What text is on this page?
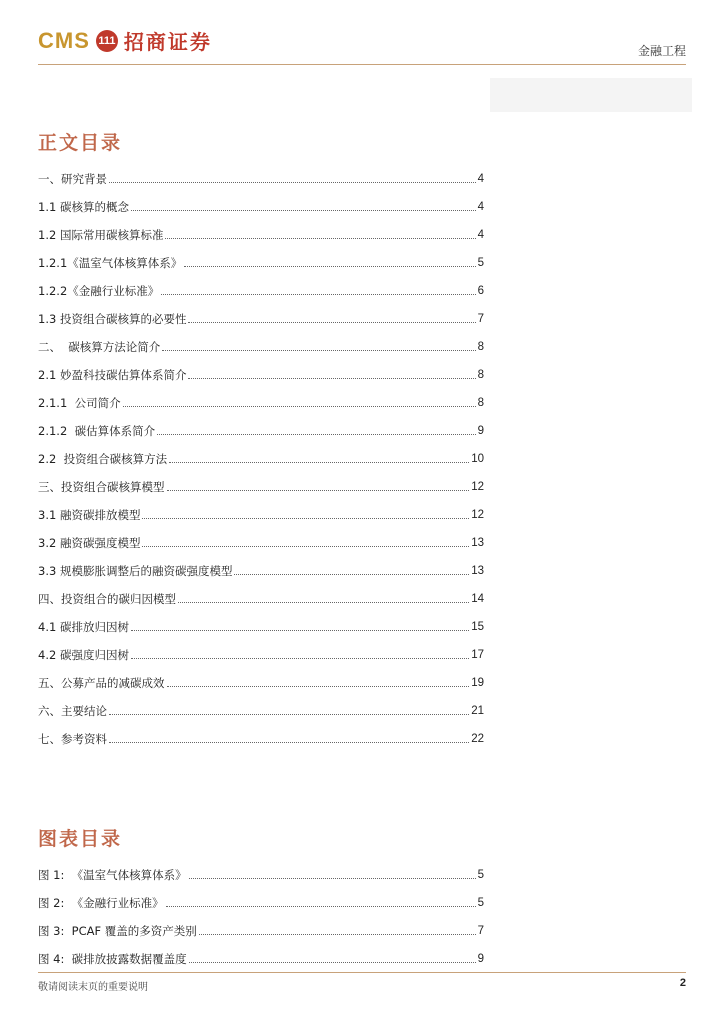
CMS 111 招商证券	金融工程
正文目录
一、研究背景	4
1.1 碳核算的概念	4
1.2 国际常用碳核算标准	4
1.2.1《温室气体核算体系》	5
1.2.2《金融行业标准》	6
1.3 投资组合碳核算的必要性	7
二、  碳核算方法论简介	8
2.1 妙盈科技碳估算体系简介	8
2.1.1  公司简介	8
2.1.2  碳估算体系简介	9
2.2  投资组合碳核算方法	10
三、投资组合碳核算模型	12
3.1 融资碳排放模型	12
3.2 融资碳强度模型	13
3.3 规模膨胀调整后的融资碳强度模型	13
四、投资组合的碳归因模型	14
4.1 碳排放归因树	15
4.2 碳强度归因树	17
五、公募产品的减碳成效	19
六、主要结论	21
七、参考资料	22
图表目录
图 1:  《温室气体核算体系》	5
图 2:  《金融行业标准》	5
图 3:  PCAF 覆盖的多资产类别	7
图 4:  碳排放披露数据覆盖度	9
敬请阅读末页的重要说明	2
